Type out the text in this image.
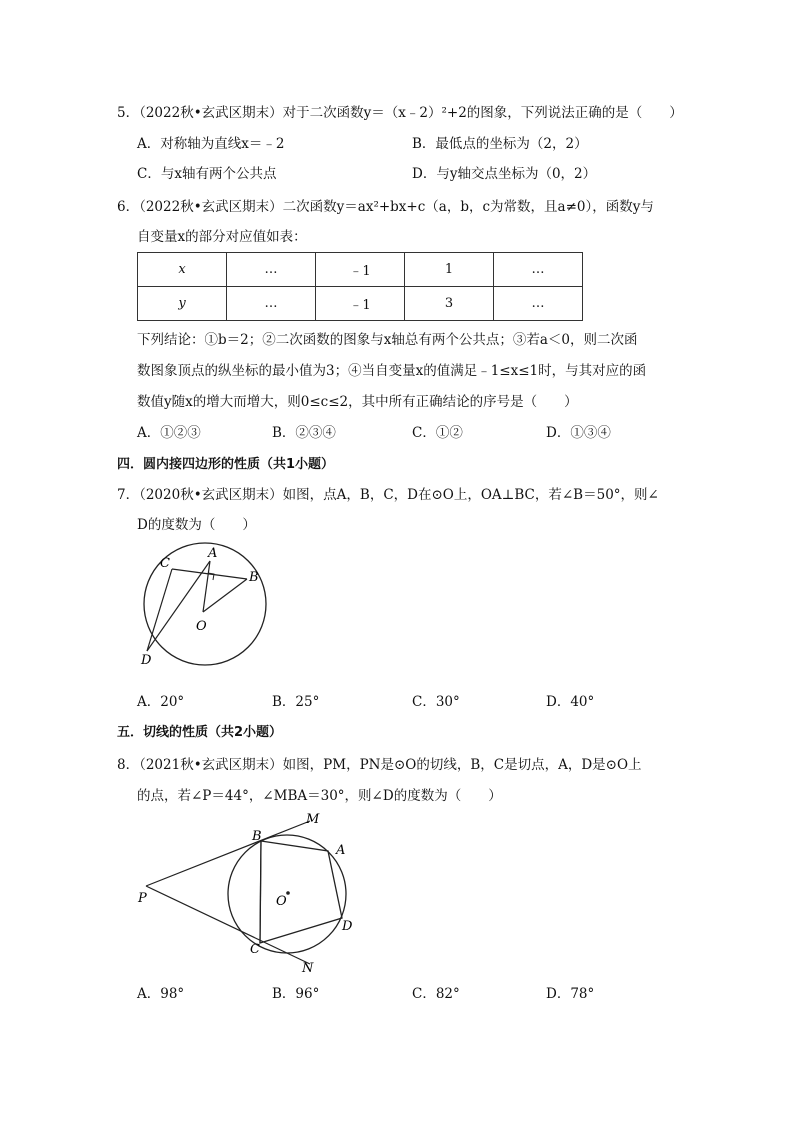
5．（2022秋•玄武区期末）对于二次函数y＝（x﹣2）²+2的图象，下列说法正确的是（　　）
A．对称轴为直线x＝﹣2	B．最低点的坐标为（2，2）
C．与x轴有两个公共点	D．与y轴交点坐标为（0，2）
6．（2022秋•玄武区期末）二次函数y＝ax²+bx+c（a，b，c为常数，且a≠0），函数y与
自变量x的部分对应值如表：
x	…	﹣1	1	…
y	…	﹣1	3	…
下列结论：①b＝2；②二次函数的图象与x轴总有两个公共点；③若a＜0，则二次函
数图象顶点的纵坐标的最小值为3；④当自变量x的值满足﹣1≤x≤1时，与其对应的函
数值y随x的增大而增大，则0≤c≤2，其中所有正确结论的序号是（　　）
A．①②③	B．②③④	C．①②	D．①③④
四．圆内接四边形的性质（共1小题）
7．（2020秋•玄武区期末）如图，点A，B，C，D在⊙O上，OA⊥BC，若∠B＝50°，则∠
D的度数为（　　）
A
B
C
D
O
A．20°	B．25°	C．30°	D．40°
五．切线的性质（共2小题）
8．（2021秋•玄武区期末）如图，PM，PN是⊙O的切线，B，C是切点，A，D是⊙O上
的点，若∠P＝44°，∠MBA＝30°，则∠D的度数为（　　）
M
B
A
P	O
D
C
N
A．98°	B．96°	C．82°	D．78°
